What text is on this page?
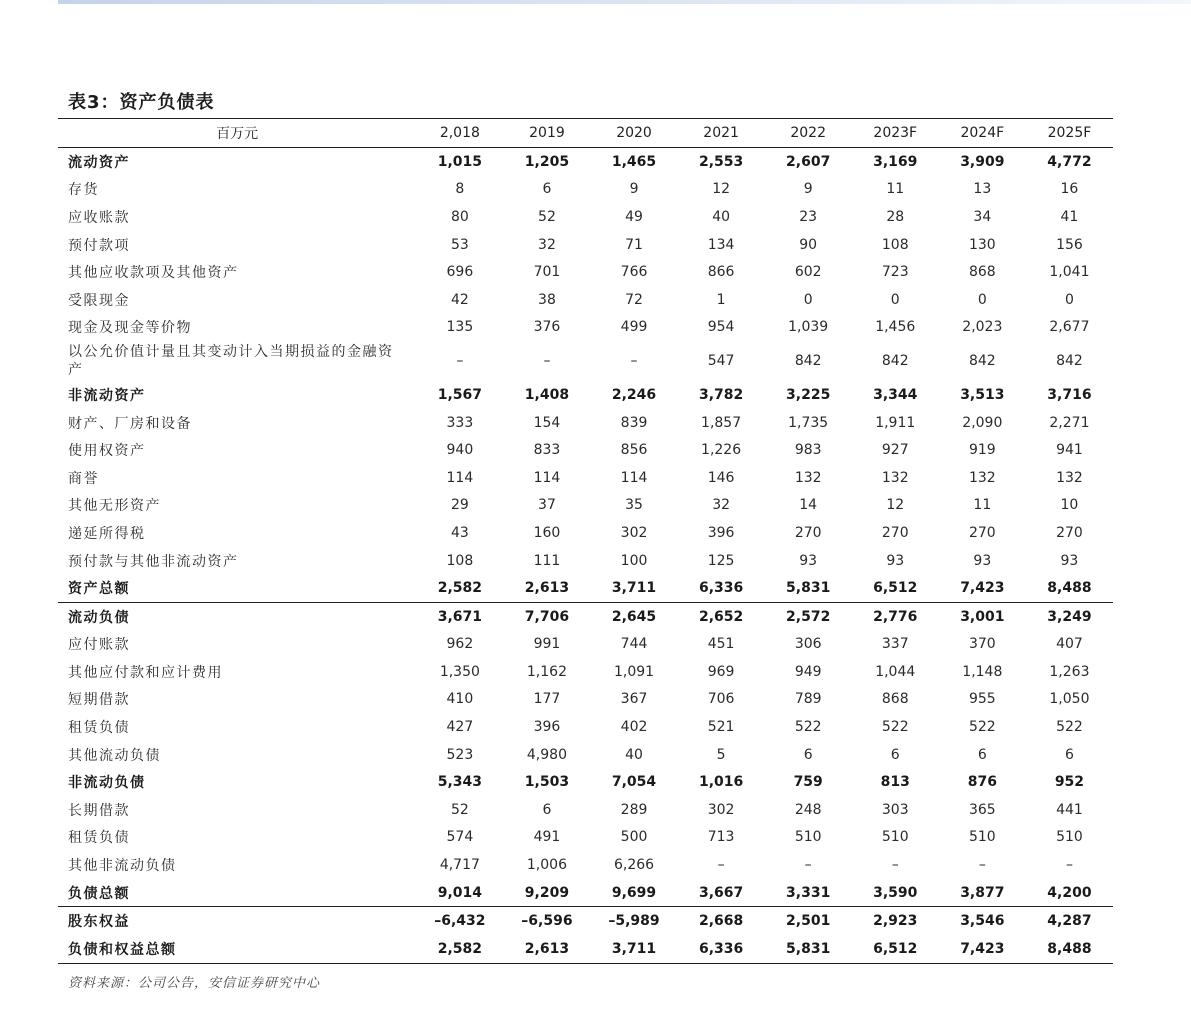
表3：资产负债表
百万元	2,018	2019	2020	2021	2022	2023F	2024F	2025F
流动资产	1,015	1,205	1,465	2,553	2,607	3,169	3,909	4,772
存货	8	6	9	12	9	11	13	16
应收账款	80	52	49	40	23	28	34	41
预付款项	53	32	71	134	90	108	130	156
其他应收款项及其他资产	696	701	766	866	602	723	868	1,041
受限现金	42	38	72	1	0	0	0	0
现金及现金等价物	135	376	499	954	1,039	1,456	2,023	2,677
以公允价值计量且其变动计入当期损益的金融资产	–	–	–	547	842	842	842	842
非流动资产	1,567	1,408	2,246	3,782	3,225	3,344	3,513	3,716
财产、厂房和设备	333	154	839	1,857	1,735	1,911	2,090	2,271
使用权资产	940	833	856	1,226	983	927	919	941
商誉	114	114	114	146	132	132	132	132
其他无形资产	29	37	35	32	14	12	11	10
递延所得税	43	160	302	396	270	270	270	270
预付款与其他非流动资产	108	111	100	125	93	93	93	93
资产总额	2,582	2,613	3,711	6,336	5,831	6,512	7,423	8,488
流动负债	3,671	7,706	2,645	2,652	2,572	2,776	3,001	3,249
应付账款	962	991	744	451	306	337	370	407
其他应付款和应计费用	1,350	1,162	1,091	969	949	1,044	1,148	1,263
短期借款	410	177	367	706	789	868	955	1,050
租赁负债	427	396	402	521	522	522	522	522
其他流动负债	523	4,980	40	5	6	6	6	6
非流动负债	5,343	1,503	7,054	1,016	759	813	876	952
长期借款	52	6	289	302	248	303	365	441
租赁负债	574	491	500	713	510	510	510	510
其他非流动负债	4,717	1,006	6,266	–	–	–	–	–
负债总额	9,014	9,209	9,699	3,667	3,331	3,590	3,877	4,200
股东权益	–6,432	–6,596	–5,989	2,668	2,501	2,923	3,546	4,287
负债和权益总额	2,582	2,613	3,711	6,336	5,831	6,512	7,423	8,488
资料来源：公司公告，安信证券研究中心
